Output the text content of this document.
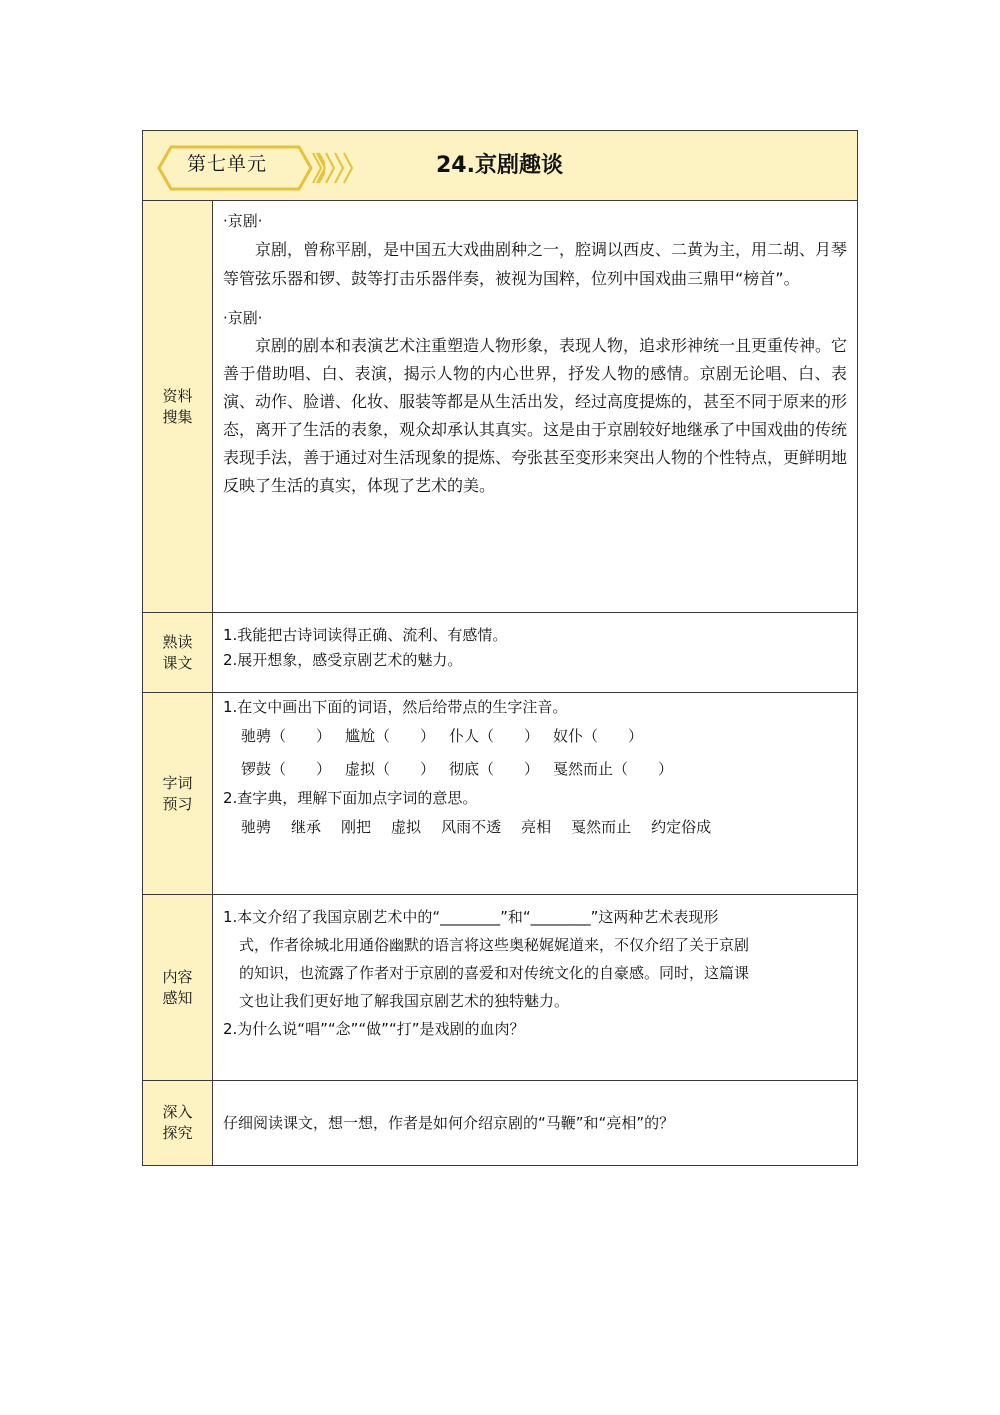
第七单元	24.京剧趣谈
资料搜集
·京剧·

京剧，曾称平剧，是中国五大戏曲剧种之一，腔调以西皮、二黄为主，用二胡、月琴等管弦乐器和锣、鼓等打击乐器伴奏，被视为国粹，位列中国戏曲三鼎甲“榜首”。

·京剧·

京剧的剧本和表演艺术注重塑造人物形象，表现人物，追求形神统一且更重传神。它善于借助唱、白、表演，揭示人物的内心世界，抒发人物的感情。京剧无论唱、白、表演、动作、脸谱、化妆、服装等都是从生活出发，经过高度提炼的，甚至不同于原来的形态，离开了生活的表象，观众却承认其真实。这是由于京剧较好地继承了中国戏曲的传统表现手法，善于通过对生活现象的提炼、夸张甚至变形来突出人物的个性特点，更鲜明地反映了生活的真实，体现了艺术的美。

熟读课文
1.我能把古诗词读得正确、流利、有感情。
2.展开想象，感受京剧艺术的魅力。
字词预习
1.在文中画出下面的词语，然后给带点的生字注音。
驰骋（　　） 尴尬（　　） 仆人（　　） 奴仆（　　）
锣鼓（　　） 虚拟（　　） 彻底（　　） 戛然而止（　　）
2.查字典，理解下面加点字词的意思。
驰骋 继承 刚把 虚拟 风雨不透 亮相 戛然而止 约定俗成
内容感知
1.本文介绍了我国京剧艺术中的“________”和“________”这两种艺术表现形
式，作者徐城北用通俗幽默的语言将这些奥秘娓娓道来，不仅介绍了关于京剧
的知识，也流露了作者对于京剧的喜爱和对传统文化的自豪感。同时，这篇课
文也让我们更好地了解我国京剧艺术的独特魅力。
2.为什么说“唱”“念”“做”“打”是戏剧的血肉？
深入探究
仔细阅读课文，想一想，作者是如何介绍京剧的“马鞭”和“亮相”的？
